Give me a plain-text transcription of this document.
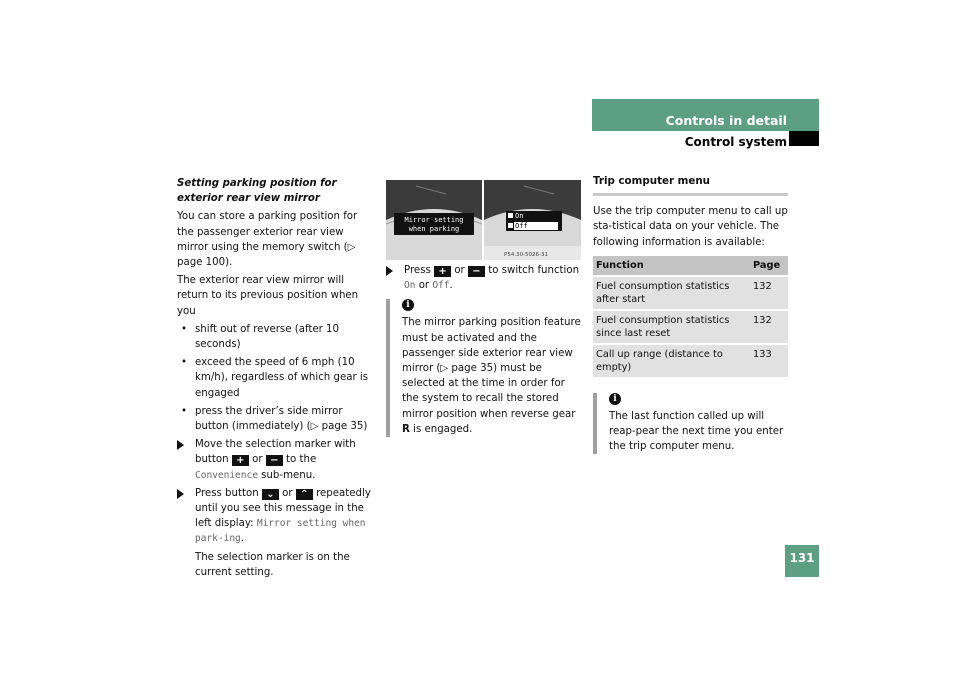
Controls in detail
Control system

Setting parking position for exterior rear view mirror

You can store a parking position for the passenger exterior rear view mirror using the memory switch (▷ page 100).

The exterior rear view mirror will return to its previous position when you

• shift out of reverse (after 10 seconds)

• exceed the speed of 6 mph (10 km/h), regardless of which gear is engaged

• press the driver’s side mirror button (immediately) (▷ page 35)

Move the selection marker with button + or − to the Convenience sub-menu.

Press button ⌄ or ⌃ repeatedly until you see this message in the left display: Mirror setting when park-ing.

The selection marker is on the current setting.

Mirror setting
when parking
On
Off
P54.30-5026-31

Press + or − to switch function On or Off.

i
The mirror parking position feature must be activated and the passenger side exterior rear view mirror (▷ page 35) must be selected at the time in order for the system to recall the stored mirror position when reverse gear R is engaged.
Trip computer menu

Use the trip computer menu to call up sta-tistical data on your vehicle. The following information is available:

Function	Page
Fuel consumption statistics after start	132
Fuel consumption statistics since last reset	132
Call up range (distance to empty)	133
i
The last function called up will reap-pear the next time you enter the trip computer menu.
131
